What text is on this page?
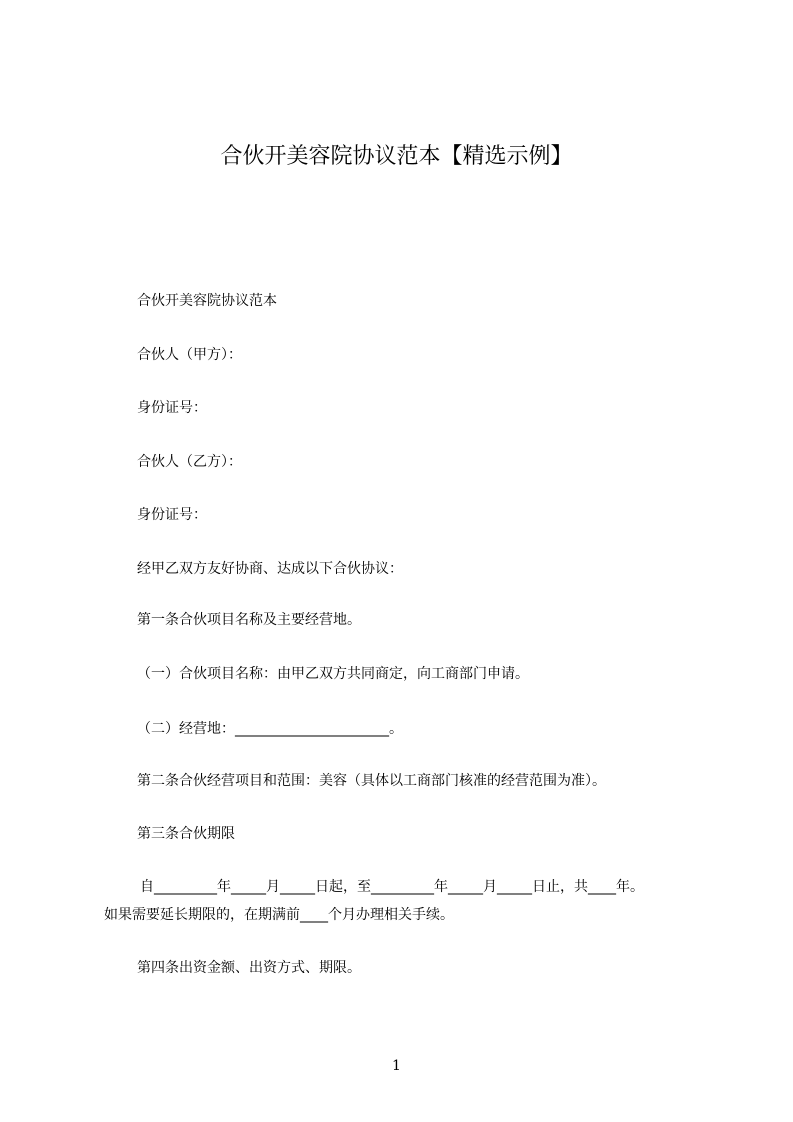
合伙开美容院协议范本【精选示例】
合伙开美容院协议范本
合伙人（甲方）：
身份证号：
合伙人（乙方）：
身份证号：
经甲乙双方友好协商、达成以下合伙协议：
第一条合伙项目名称及主要经营地。
（一）合伙项目名称：由甲乙双方共同商定，向工商部门申请。
（二）经营地：______________________。
第二条合伙经营项目和范围：美容（具体以工商部门核准的经营范围为准）。
第三条合伙期限
自_________年_____月_____日起，至_________年_____月_____日止，共____年。
如果需要延长期限的，在期满前____个月办理相关手续。
第四条出资金额、出资方式、期限。
1
